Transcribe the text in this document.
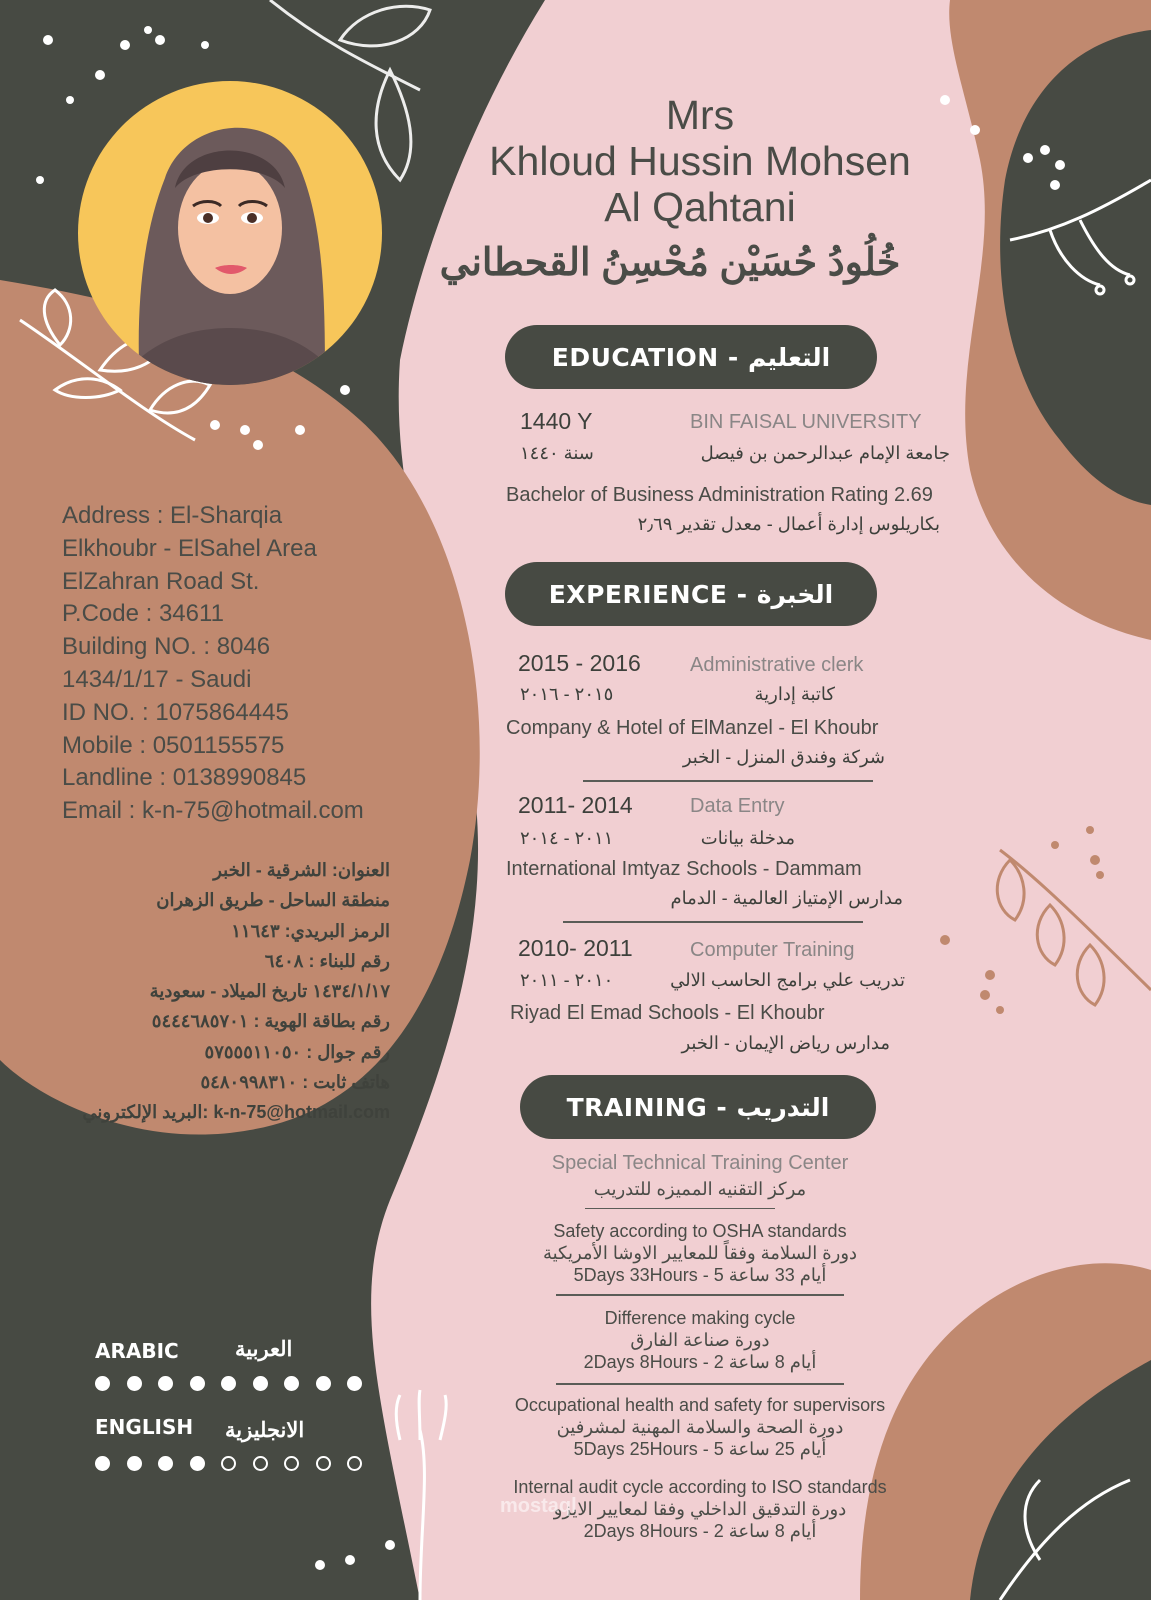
Mrs
Khloud Hussin Mohsen
Al Qahtani
خُلُودُ حُسَيْن مُحْسِنُ القحطاني
EDUCATION - التعليم
1440 Y	BIN FAISAL UNIVERSITY
سنة ١٤٤٠	جامعة الإمام عبدالرحمن بن فيصل
Bachelor of Business Administration Rating 2.69
بكاريلوس إدارة أعمال - معدل تقدير ٢٫٦٩
EXPERIENCE - الخبرة
2015 - 2016 Administrative clerk
٢٠١٥ - ٢٠١٦	كاتبة إدارية
Company & Hotel of ElManzel - El Khoubr
شركة وفندق المنزل - الخبر
2011- 2014	Data Entry
٢٠١١ - ٢٠١٤	مدخلة بيانات
International Imtyaz Schools - Dammam
مدارس الإمتياز العالمية - الدمام
2010- 2011	Computer Training
٢٠١٠ - ٢٠١١	تدريب علي برامج الحاسب الالي
Riyad El Emad Schools - El Khoubr
مدارس رياض الإيمان - الخبر
TRAINING - التدريب
Special Technical Training Center
مركز التقنيه المميزه للتدريب
Safety according to OSHA standards
دورة السلامة وفقاً للمعايير الاوشا الأمريكية
5Days 33Hours - 5 أيام 33 ساعة
Difference making cycle
دورة صناعة الفارق
2Days 8Hours - 2 أيام 8 ساعة
Occupational health and safety for supervisors
دورة الصحة والسلامة المهنية لمشرفين
5Days 25Hours - 5 أيام 25 ساعة
Internal audit cycle according to ISO standards
دورة التدقيق الداخلي وفقا لمعايير الايزو
2Days 8Hours - 2 أيام 8 ساعة
Address : El-Sharqia
Elkhoubr - ElSahel Area
ElZahran Road St.
P.Code : 34611
Building NO. : 8046
1434/1/17 - Saudi
ID NO. : 1075864445
Mobile : 0501155575
Landline : 0138990845
Email : k-n-75@hotmail.com
العنوان: الشرقية - الخبر
منطقة الساحل - طريق الزهران
الرمز البريدي: ١١٦٤٣
رقم للبناء : ٦٤٠٨
١٤٣٤/١/١٧ تاريخ الميلاد - سعودية
رقم بطاقة الهوية : ٥٤٤٤٦٨٥٧٠١
رقم جوال : ٥٧٥٥٥١١٠٥٠
هاتف ثابت : ٥٤٨٠٩٩٨٣١٠
البريد الإلكتروني: k-n-75@hotmail.com
ARABIC	العربية
ENGLISH الانجليزية
mostaql
